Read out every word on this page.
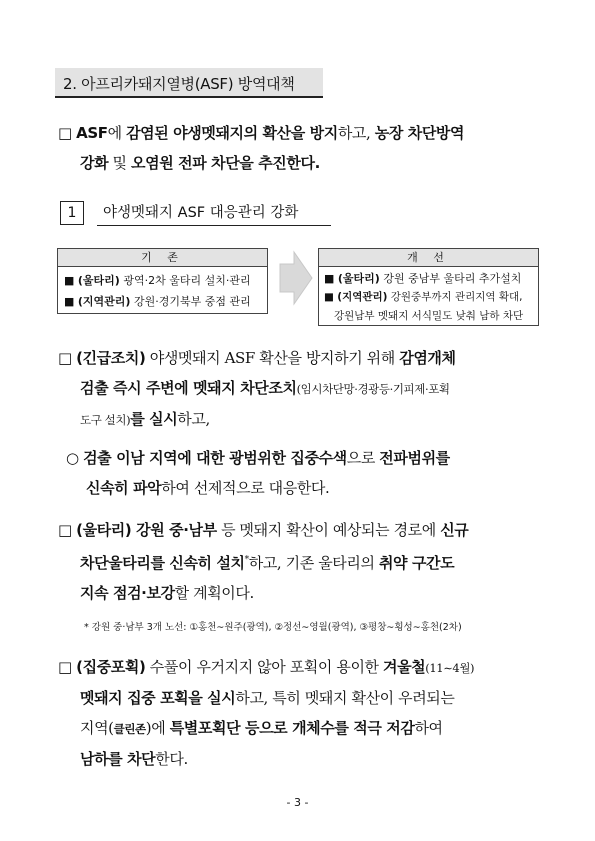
2. 아프리카돼지열병(ASF) 방역대책
□ ASF에 감염된 야생멧돼지의 확산을 방지하고, 농장 차단방역
강화 및 오염원 전파 차단을 추진한다.
1	야생멧돼지 ASF 대응관리 강화
기 존
■ (울타리) 광역·2차 울타리 설치·관리
■ (지역관리) 강원·경기북부 중점 관리
개 선
■ (울타리) 강원 중남부 울타리 추가설치
■ (지역관리) 강원중부까지 관리지역 확대,
강원남부 멧돼지 서식밀도 낮춰 남하 차단
□ (긴급조치) 야생멧돼지 ASF 확산을 방지하기 위해 감염개체
검출 즉시 주변에 멧돼지 차단조치(임시차단망·경광등·기피제·포획
도구 설치)를 실시하고,
○ 검출 이남 지역에 대한 광범위한 집중수색으로 전파범위를
신속히 파악하여 선제적으로 대응한다.
□ (울타리) 강원 중·남부 등 멧돼지 확산이 예상되는 경로에 신규
차단울타리를 신속히 설치*하고, 기존 울타리의 취약 구간도
지속 점검·보강할 계획이다.
* 강원 중·남부 3개 노선: ①홍천∼원주(광역), ②정선∼영월(광역), ③평창∼횡성∼홍천(2차)
□ (집중포획) 수풀이 우거지지 않아 포획이 용이한 겨울철(11∼4월)
멧돼지 집중 포획을 실시하고, 특히 멧돼지 확산이 우려되는
지역(클린존)에 특별포획단 등으로 개체수를 적극 저감하여
남하를 차단한다.
- 3 -
